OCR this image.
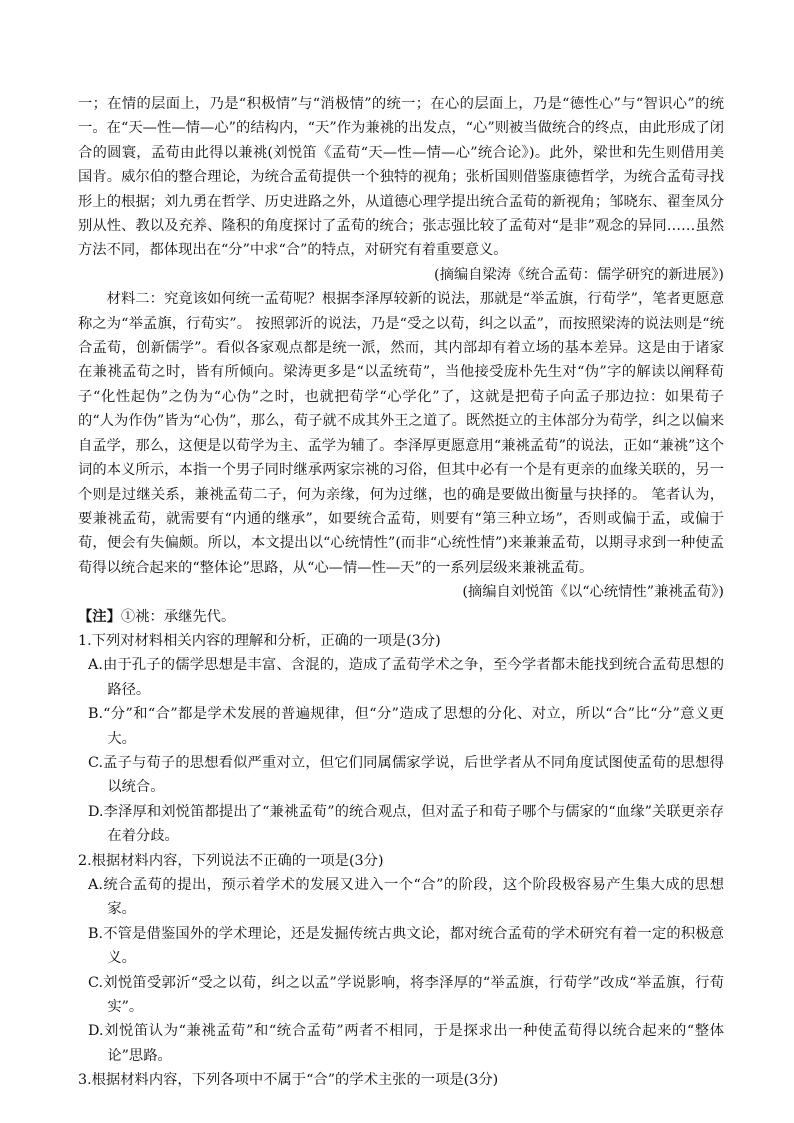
一；在情的层面上，乃是“积极情”与“消极情”的统一；在心的层面上，乃是“德性心”与“智识心”的统一。在“天—性—情—心”的结构内，“天”作为兼祧的出发点，“心”则被当做统合的终点，由此形成了闭合的圆寰，孟荀由此得以兼祧(刘悦笛《孟荀“天—性—情—心”统合论》)。此外，梁世和先生则借用美国肯。威尔伯的整合理论，为统合孟荀提供一个独特的视角；张析国则借鉴康德哲学，为统合孟荀寻找形上的根据；刘九勇在哲学、历史进路之外，从道德心理学提出统合孟荀的新视角；邹晓东、翟奎凤分别从性、教以及充养、隆积的角度探讨了孟荀的统合；张志强比较了孟荀对“是非”观念的异同……虽然方法不同，都体现出在“分”中求“合”的特点，对研究有着重要意义。

(摘编自梁涛《统合孟荀：儒学研究的新进展》)

材料二：究竟该如何统一孟荀呢？根据李泽厚较新的说法，那就是“举孟旗，行荀学”，笔者更愿意称之为“举孟旗，行荀实”。 按照郭沂的说法，乃是“受之以荀，纠之以孟”，而按照梁涛的说法则是“统合孟荀，创新儒学”。看似各家观点都是统一派，然而，其内部却有着立场的基本差异。这是由于诸家在兼祧孟荀之时，皆有所倾向。梁涛更多是“以孟统荀”，当他接受庞朴先生对“伪”字的解读以阐释荀子“化性起伪”之伪为“心伪”之时，也就把荀学“心学化”了，这就是把荀子向孟子那边拉：如果荀子的“人为作伪”皆为“心伪”，那么，荀子就不成其外王之道了。既然挺立的主体部分为荀学，纠之以偏来自孟学，那么，这便是以荀学为主、孟学为辅了。李泽厚更愿意用“兼祧孟荀”的说法，正如“兼祧”这个词的本义所示，本指一个男子同时继承两家宗祧的习俗，但其中必有一个是有更亲的血缘关联的，另一个则是过继关系，兼祧孟荀二子，何为亲缘，何为过继，也的确是要做出衡量与抉择的。 笔者认为，要兼祧孟荀，就需要有“内通的继承”，如要统合孟荀，则要有“第三种立场”，否则或偏于孟，或偏于荀，便会有失偏颇。所以，本文提出以“心统情性”(而非“心统性情”)来兼兼孟荀，以期寻求到一种使孟荀得以统合起来的“整体论”思路，从“心—情—性—天”的一系列层级来兼祧孟荀。

(摘编自刘悦笛《以“心统情性”兼祧孟荀》)

【注】①祧：承继先代。

1.下列对材料相关内容的理解和分析，正确的一项是(3分)

A.由于孔子的儒学思想是丰富、含混的，造成了孟荀学术之争，至今学者都未能找到统合孟荀思想的路径。

B.“分”和“合”都是学术发展的普遍规律，但“分”造成了思想的分化、对立，所以“合”比“分”意义更大。

C.孟子与荀子的思想看似严重对立，但它们同属儒家学说，后世学者从不同角度试图使孟荀的思想得以统合。

D.李泽厚和刘悦笛都提出了“兼祧孟荀”的统合观点，但对孟子和荀子哪个与儒家的“血缘”关联更亲存在着分歧。

2.根据材料内容，下列说法不正确的一项是(3分)

A.统合孟荀的提出，预示着学术的发展又进入一个“合”的阶段，这个阶段极容易产生集大成的思想家。

B.不管是借鉴国外的学术理论，还是发掘传统古典文论，都对统合孟荀的学术研究有着一定的积极意义。

C.刘悦笛受郭沂“受之以荀，纠之以孟”学说影响，将李泽厚的“举孟旗，行荀学”改成“举孟旗，行荀实”。

D.刘悦笛认为“兼祧孟荀”和“统合孟荀”两者不相同，于是探求出一种使孟荀得以统合起来的“整体论”思路。

3.根据材料内容，下列各项中不属于“合”的学术主张的一项是(3分)
